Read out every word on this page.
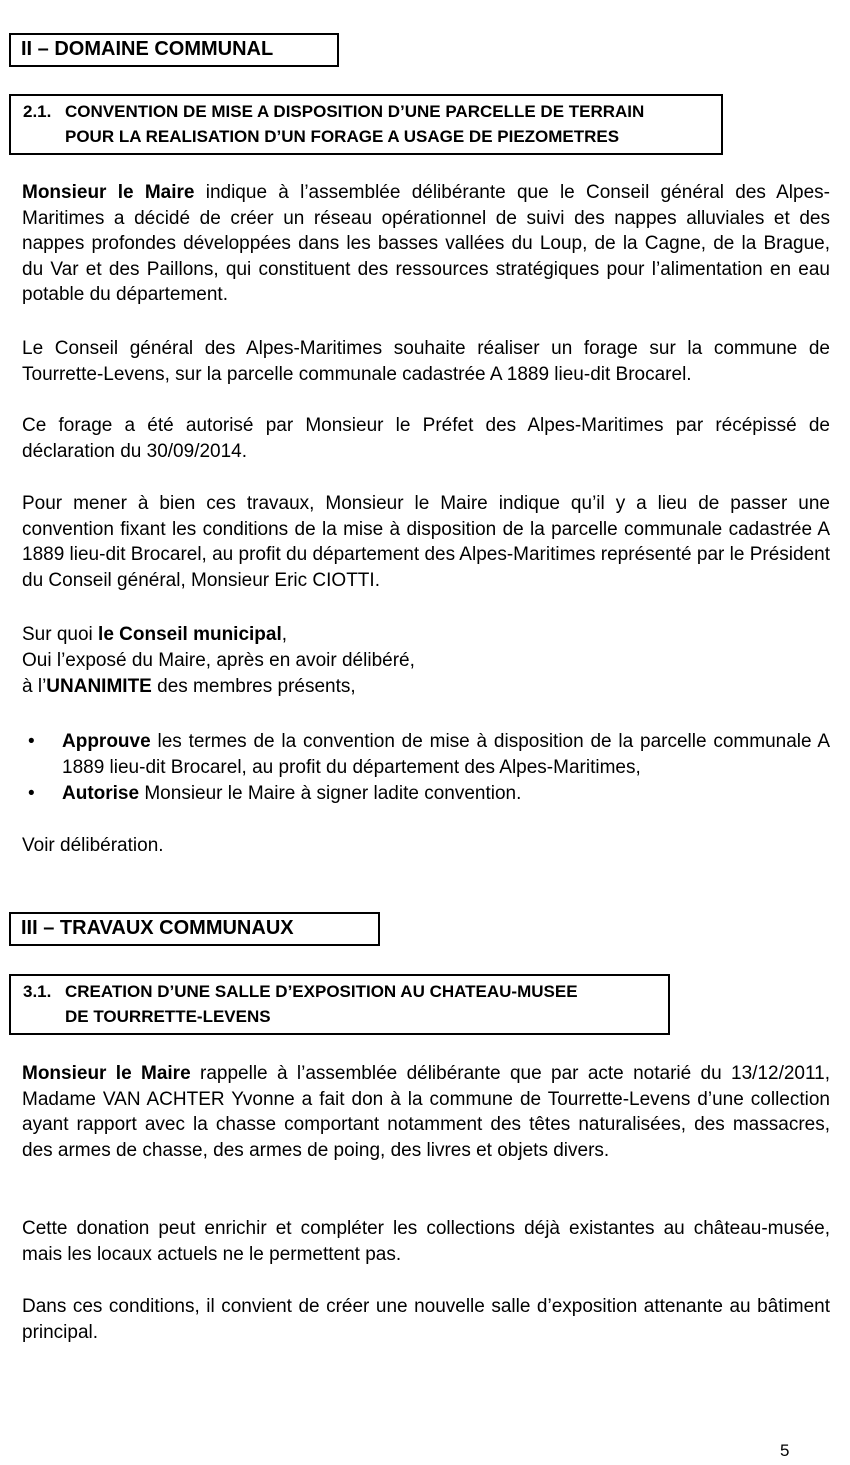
II – DOMAINE COMMUNAL
2.1. CONVENTION DE MISE A DISPOSITION D’UNE PARCELLE DE TERRAIN
POUR LA REALISATION D’UN FORAGE A USAGE DE PIEZOMETRES

Monsieur le Maire indique à l’assemblée délibérante que le Conseil général des Alpes-Maritimes a décidé de créer un réseau opérationnel de suivi des nappes alluviales et des nappes profondes développées dans les basses vallées du Loup, de la Cagne, de la Brague, du Var et des Paillons, qui constituent des ressources stratégiques pour l’alimentation en eau potable du département.

Le Conseil général des Alpes-Maritimes souhaite réaliser un forage sur la commune de Tourrette-Levens, sur la parcelle communale cadastrée A 1889 lieu-dit Brocarel.

Ce forage a été autorisé par Monsieur le Préfet des Alpes-Maritimes par récépissé de déclaration du 30/09/2014.

Pour mener à bien ces travaux, Monsieur le Maire indique qu’il y a lieu de passer une convention fixant les conditions de la mise à disposition de la parcelle communale cadastrée A 1889 lieu-dit Brocarel, au profit du département des Alpes-Maritimes représenté par le Président du Conseil général, Monsieur Eric CIOTTI.

Sur quoi le Conseil municipal,

Oui l’exposé du Maire, après en avoir délibéré,

à l’UNANIMITE des membres présents,

• Approuve les termes de la convention de mise à disposition de la parcelle communale A 1889 lieu-dit Brocarel, au profit du département des Alpes-Maritimes,
• Autorise Monsieur le Maire à signer ladite convention.

Voir délibération.

III – TRAVAUX COMMUNAUX
3.1. CREATION D’UNE SALLE D’EXPOSITION AU CHATEAU-MUSEE
DE TOURRETTE-LEVENS

Monsieur le Maire rappelle à l’assemblée délibérante que par acte notarié du 13/12/2011, Madame VAN ACHTER Yvonne a fait don à la commune de Tourrette-Levens d’une collection ayant rapport avec la chasse comportant notamment des têtes naturalisées, des massacres, des armes de chasse, des armes de poing, des livres et objets divers.

Cette donation peut enrichir et compléter les collections déjà existantes au château-musée, mais les locaux actuels ne le permettent pas.

Dans ces conditions, il convient de créer une nouvelle salle d’exposition attenante au bâtiment principal.

5
